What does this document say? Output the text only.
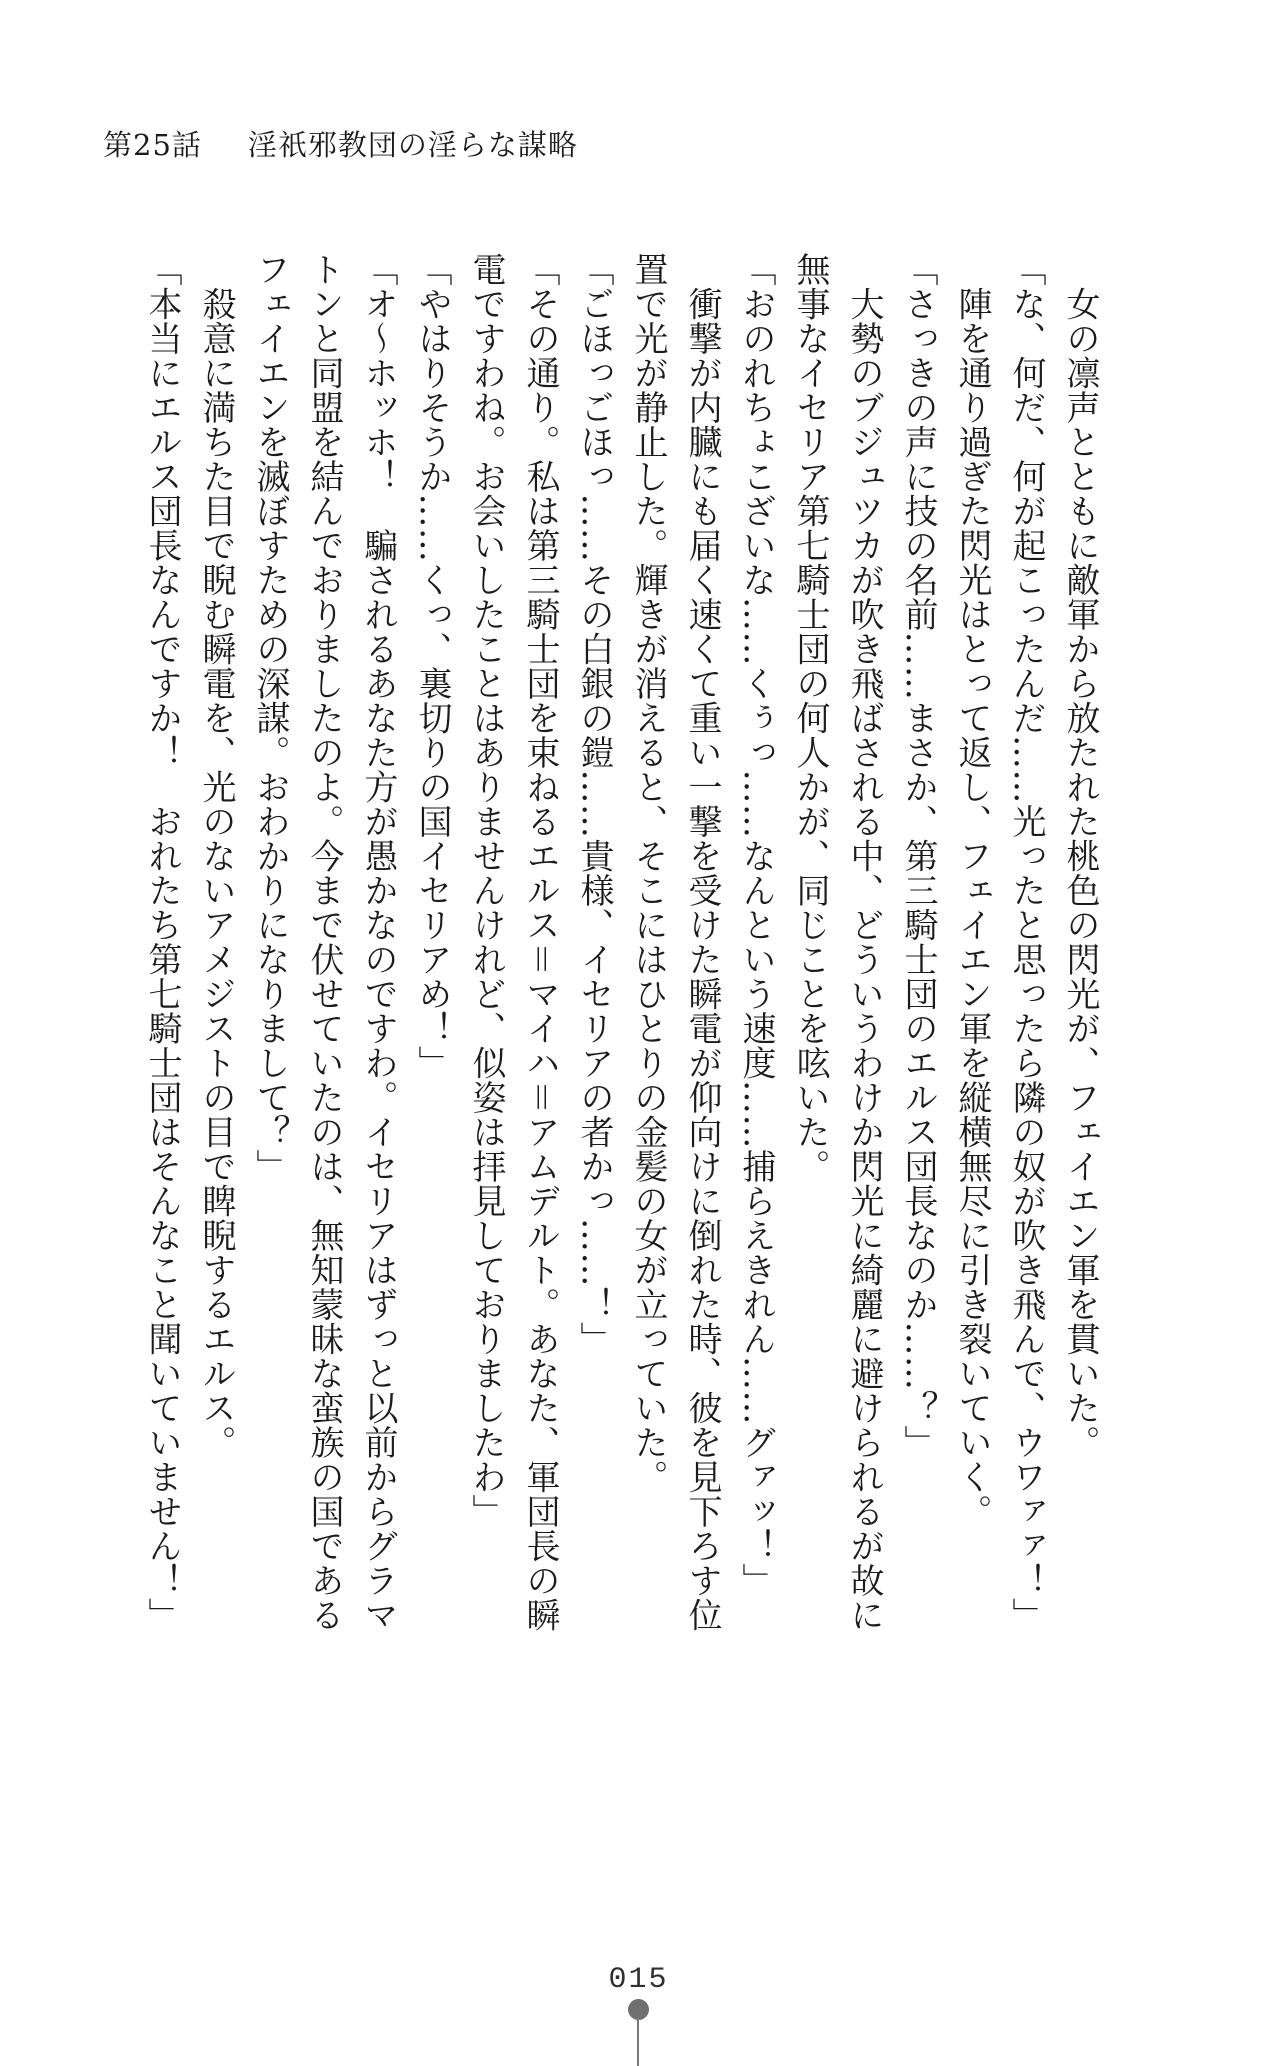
第25話 淫祇邪教団の淫らな謀略

　女の凛声とともに敵軍から放たれた桃色の閃光が、フェイエン軍を貫いた。

「な、何だ、何が起こったんだ……光ったと思ったら隣の奴が吹き飛んで、ウワァァ！」

　陣を通り過ぎた閃光はとって返し、フェイエン軍を縦横無尽に引き裂いていく。

「さっきの声に技の名前……まさか、第三騎士団のエルス団長なのか……？」

　大勢のブジュツカが吹き飛ばされる中、どういうわけか閃光に綺麗に避けられるが故に無事なイセリア第七騎士団の何人かが、同じことを呟いた。

「おのれちょこざいな……くぅっ……なんという速度……捕らえきれん……グァッ！」

　衝撃が内臓にも届く速くて重い一撃を受けた瞬電が仰向けに倒れた時、彼を見下ろす位置で光が静止した。輝きが消えると、そこにはひとりの金髪の女が立っていた。

「ごほっごほっ……その白銀の鎧……貴様、イセリアの者かっ……！」

「その通り。私は第三騎士団を束ねるエルス＝マイハ＝アムデルト。あなた、軍団長の瞬電ですわね。お会いしたことはありませんけれど、似姿は拝見しておりましたわ」

「やはりそうか……くっ、裏切りの国イセリアめ！」

「オ〜ホッホ！　騙されるあなた方が愚かなのですわ。イセリアはずっと以前からグラマトンと同盟を結んでおりましたのよ。今まで伏せていたのは、無知蒙昧な蛮族の国であるフェイエンを滅ぼすための深謀。おわかりになりまして？」

　殺意に満ちた目で睨む瞬電を、光のないアメジストの目で睥睨するエルス。

「本当にエルス団長なんですか！　おれたち第七騎士団はそんなこと聞いていません！」

015
